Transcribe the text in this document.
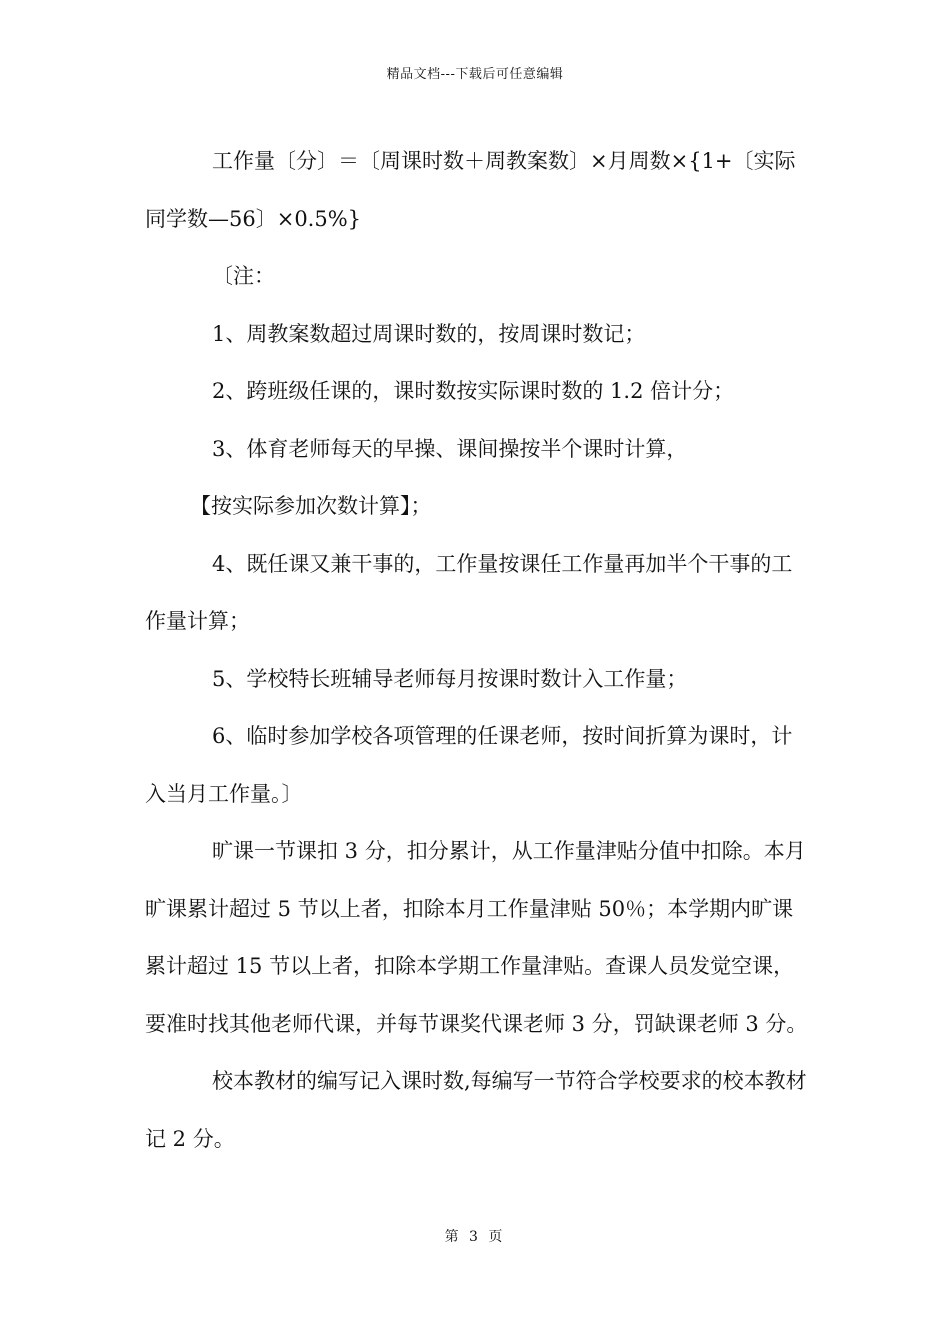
精品文档---下载后可任意编辑

工作量〔分〕＝〔周课时数＋周教案数〕×月周数×{1+〔实际同学数—56〕×0.5%}

〔注：

1、周教案数超过周课时数的，按周课时数记；

2、跨班级任课的，课时数按实际课时数的 1.2 倍计分；

3、体育老师每天的早操、课间操按半个课时计算，

【按实际参加次数计算】；

4、既任课又兼干事的，工作量按课任工作量再加半个干事的工作量计算；

5、学校特长班辅导老师每月按课时数计入工作量；

6、临时参加学校各项管理的任课老师，按时间折算为课时，计入当月工作量。〕

旷课一节课扣 3 分，扣分累计，从工作量津贴分值中扣除。本月旷课累计超过 5 节以上者，扣除本月工作量津贴 50％；本学期内旷课累计超过 15 节以上者，扣除本学期工作量津贴。查课人员发觉空课，要准时找其他老师代课，并每节课奖代课老师 3 分，罚缺课老师 3 分。

校本教材的编写记入课时数,每编写一节符合学校要求的校本教材记 2 分。

第 3 页
